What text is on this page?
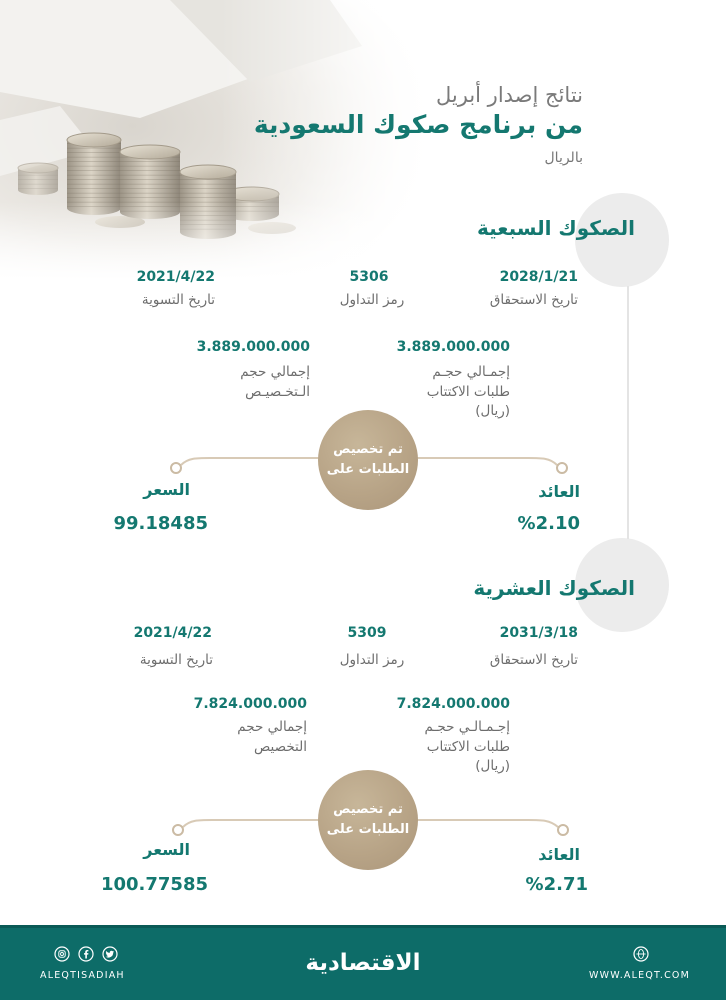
نتائج إصدار أبريل
من برنامج صكوك السعودية
بالريال
الصكوك السبعية
2028/1/21
تاريخ الاستحقاق
5306
رمز التداول
2021/4/22
تاريخ التسوية
3.889.000.000
إجمـالي حجـم
طلبات الاكتتاب
(ريال)
3.889.000.000
إجمالي حجم
الـتخـصيـص
تم تخصيص
الطلبات على
العائد
%2.10
السعر
99.18485
الصكوك العشرية
2031/3/18
تاريخ الاستحقاق
5309
رمز التداول
2021/4/22
تاريخ التسوية
7.824.000.000
إجـمـالـي حجـم
طلبات الاكتتاب
(ريال)
7.824.000.000
إجمالي حجم
التخصيص
تم تخصيص
الطلبات على
العائد
%2.71
السعر
100.77585
ALEQTISADIAH	الاقتصادية	WWW.ALEQT.COM
